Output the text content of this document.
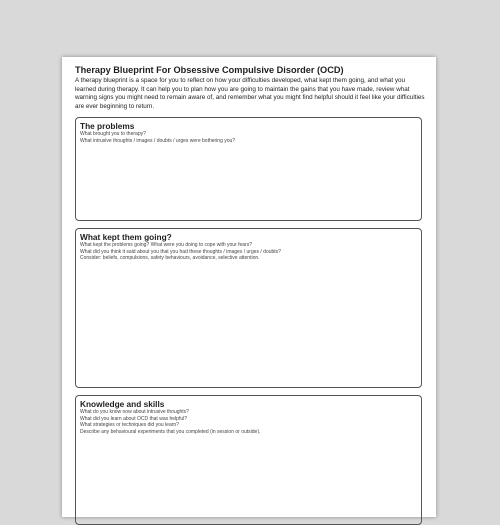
Therapy Blueprint For Obsessive Compulsive Disorder (OCD)
A therapy blueprint is a space for you to reflect on how your difficulties developed, what kept them going, and what you learned during therapy. It can help you to plan how you are going to maintain the gains that you have made, review what warning signs you might need to remain aware of, and remember what you might find helpful should it feel like your difficulties are ever beginning to return.
The problems
What brought you to therapy?
What intrusive thoughts / images / doubts / urges were bothering you?
What kept them going?
What kept the problems going? What were you doing to cope with your fears?
What did you think it said about you that you had these thoughts / images / urges / doubts?
Consider: beliefs, compulsions, safety behaviours, avoidance, selective attention.
Knowledge and skills
What do you know now about intrusive thoughts?
What did you learn about OCD that was helpful?
What strategies or techniques did you learn?
Describe any behavioural experiments that you completed (in session or outside).
